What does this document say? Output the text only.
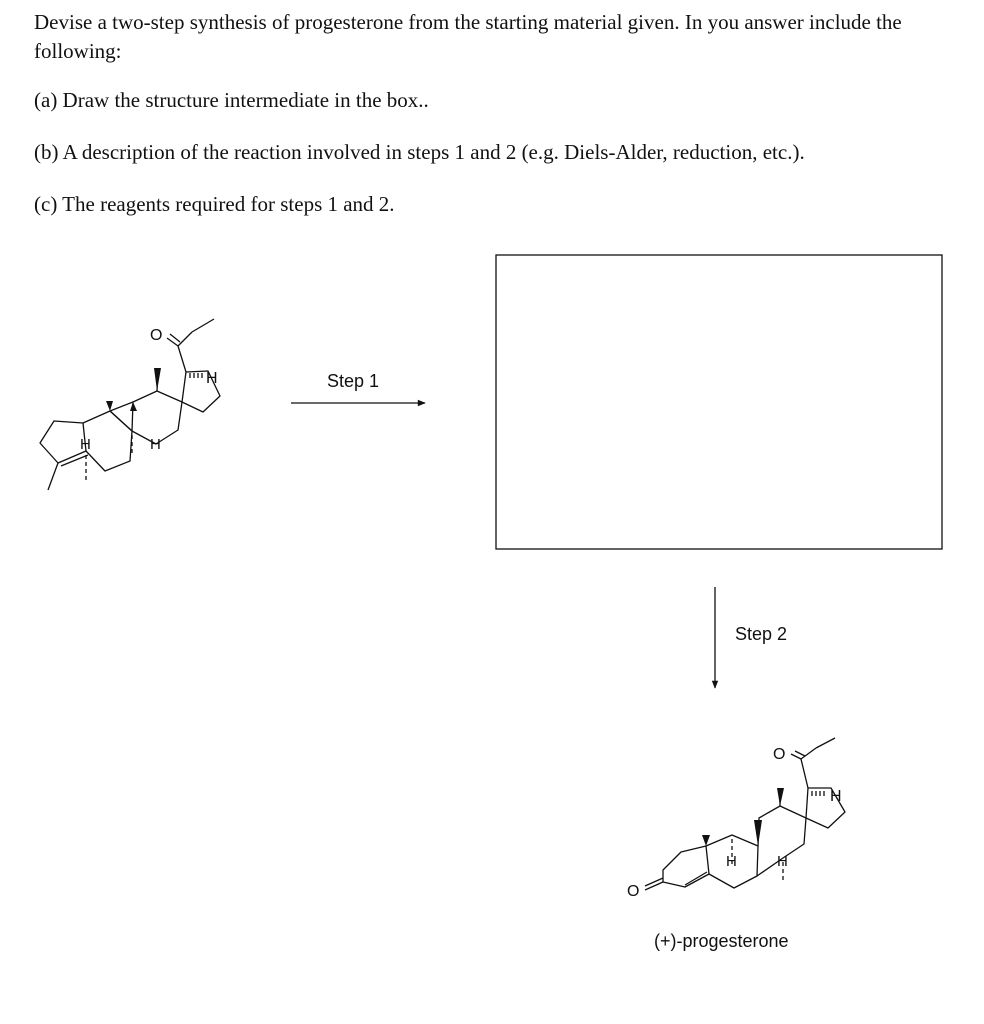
Devise a two-step synthesis of progesterone from the starting material given. In you answer include the following:

(a) Draw the structure intermediate in the box..

(b) A description of the reaction involved in steps 1 and 2 (e.g. Diels-Alder, reduction, etc.).

(c) The reagents required for steps 1 and 2.

O
H
H	H
Step 1
Step 2
O
O
H
H	H
(+)-progesterone
